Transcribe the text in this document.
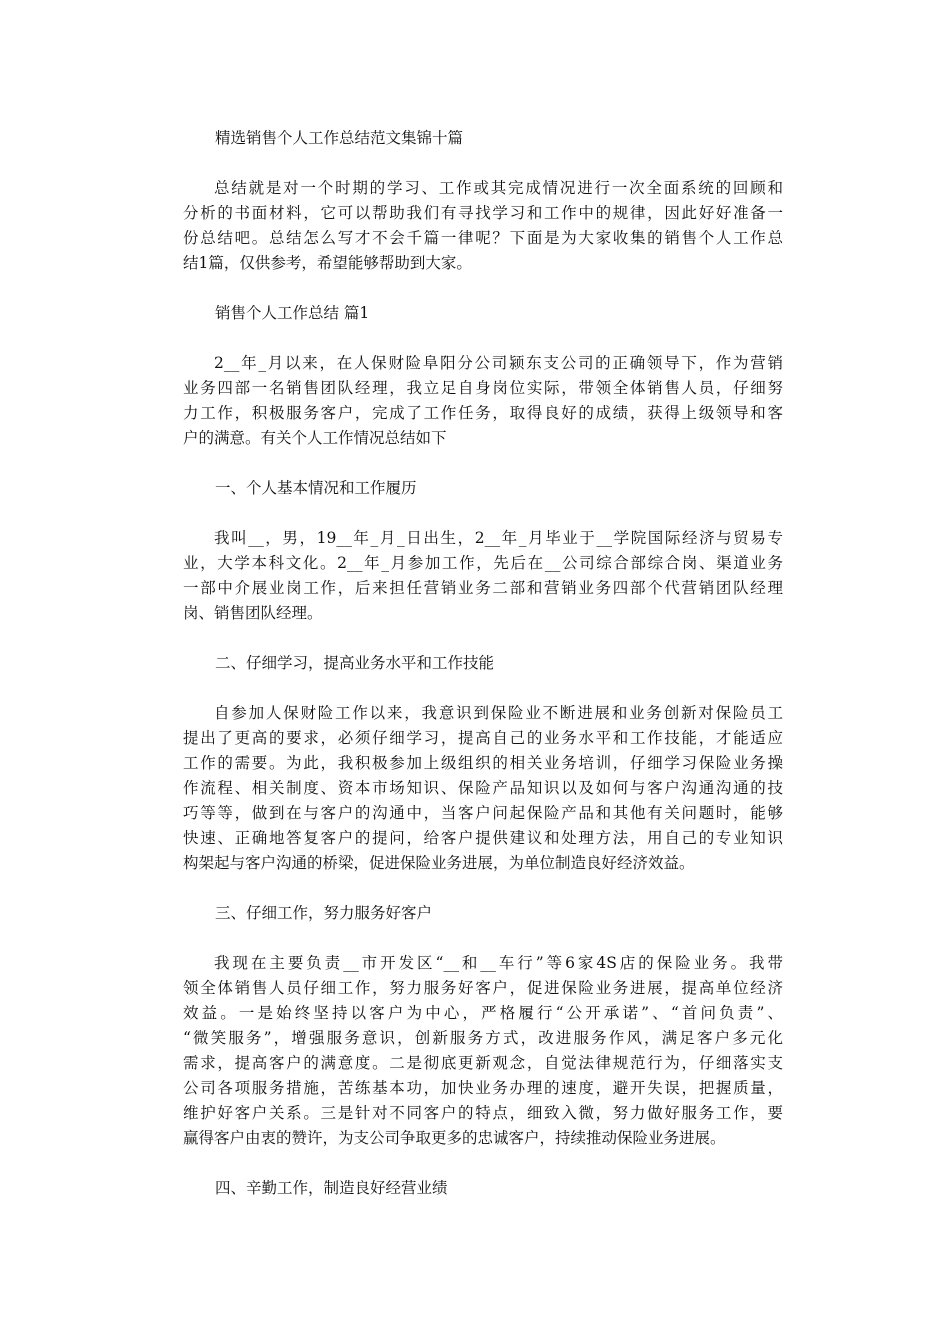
精选销售个人工作总结范文集锦十篇

总结就是对一个时期的学习、工作或其完成情况进行一次全面系统的回顾和
分析的书面材料，它可以帮助我们有寻找学习和工作中的规律，因此好好准备一
份总结吧。总结怎么写才不会千篇一律呢？下面是为大家收集的销售个人工作总
结1篇，仅供参考，希望能够帮助到大家。

销售个人工作总结 篇1

2__年_月以来，在人保财险阜阳分公司颍东支公司的正确领导下，作为营销
业务四部一名销售团队经理，我立足自身岗位实际，带领全体销售人员，仔细努
力工作，积极服务客户，完成了工作任务，取得良好的成绩，获得上级领导和客
户的满意。有关个人工作情况总结如下

一、个人基本情况和工作履历

我叫__，男，19__年_月_日出生，2__年_月毕业于__学院国际经济与贸易专
业，大学本科文化。2__年_月参加工作，先后在__公司综合部综合岗、渠道业务
一部中介展业岗工作，后来担任营销业务二部和营销业务四部个代营销团队经理
岗、销售团队经理。

二、仔细学习，提高业务水平和工作技能

自参加人保财险工作以来，我意识到保险业不断进展和业务创新对保险员工
提出了更高的要求，必须仔细学习，提高自己的业务水平和工作技能，才能适应
工作的需要。为此，我积极参加上级组织的相关业务培训，仔细学习保险业务操
作流程、相关制度、资本市场知识、保险产品知识以及如何与客户沟通沟通的技
巧等等，做到在与客户的沟通中，当客户问起保险产品和其他有关问题时，能够
快速、正确地答复客户的提问，给客户提供建议和处理方法，用自己的专业知识
构架起与客户沟通的桥梁，促进保险业务进展，为单位制造良好经济效益。

三、仔细工作，努力服务好客户

我现在主要负责__市开发区“__和__车行”等6家4S店的保险业务。我带
领全体销售人员仔细工作，努力服务好客户，促进保险业务进展，提高单位经济
效益。一是始终坚持以客户为中心，严格履行“公开承诺”、“首问负责”、
“微笑服务”，增强服务意识，创新服务方式，改进服务作风，满足客户多元化
需求，提高客户的满意度。二是彻底更新观念，自觉法律规范行为，仔细落实支
公司各项服务措施，苦练基本功，加快业务办理的速度，避开失误，把握质量，
维护好客户关系。三是针对不同客户的特点，细致入微，努力做好服务工作，要
赢得客户由衷的赞许，为支公司争取更多的忠诚客户，持续推动保险业务进展。

四、辛勤工作，制造良好经营业绩
